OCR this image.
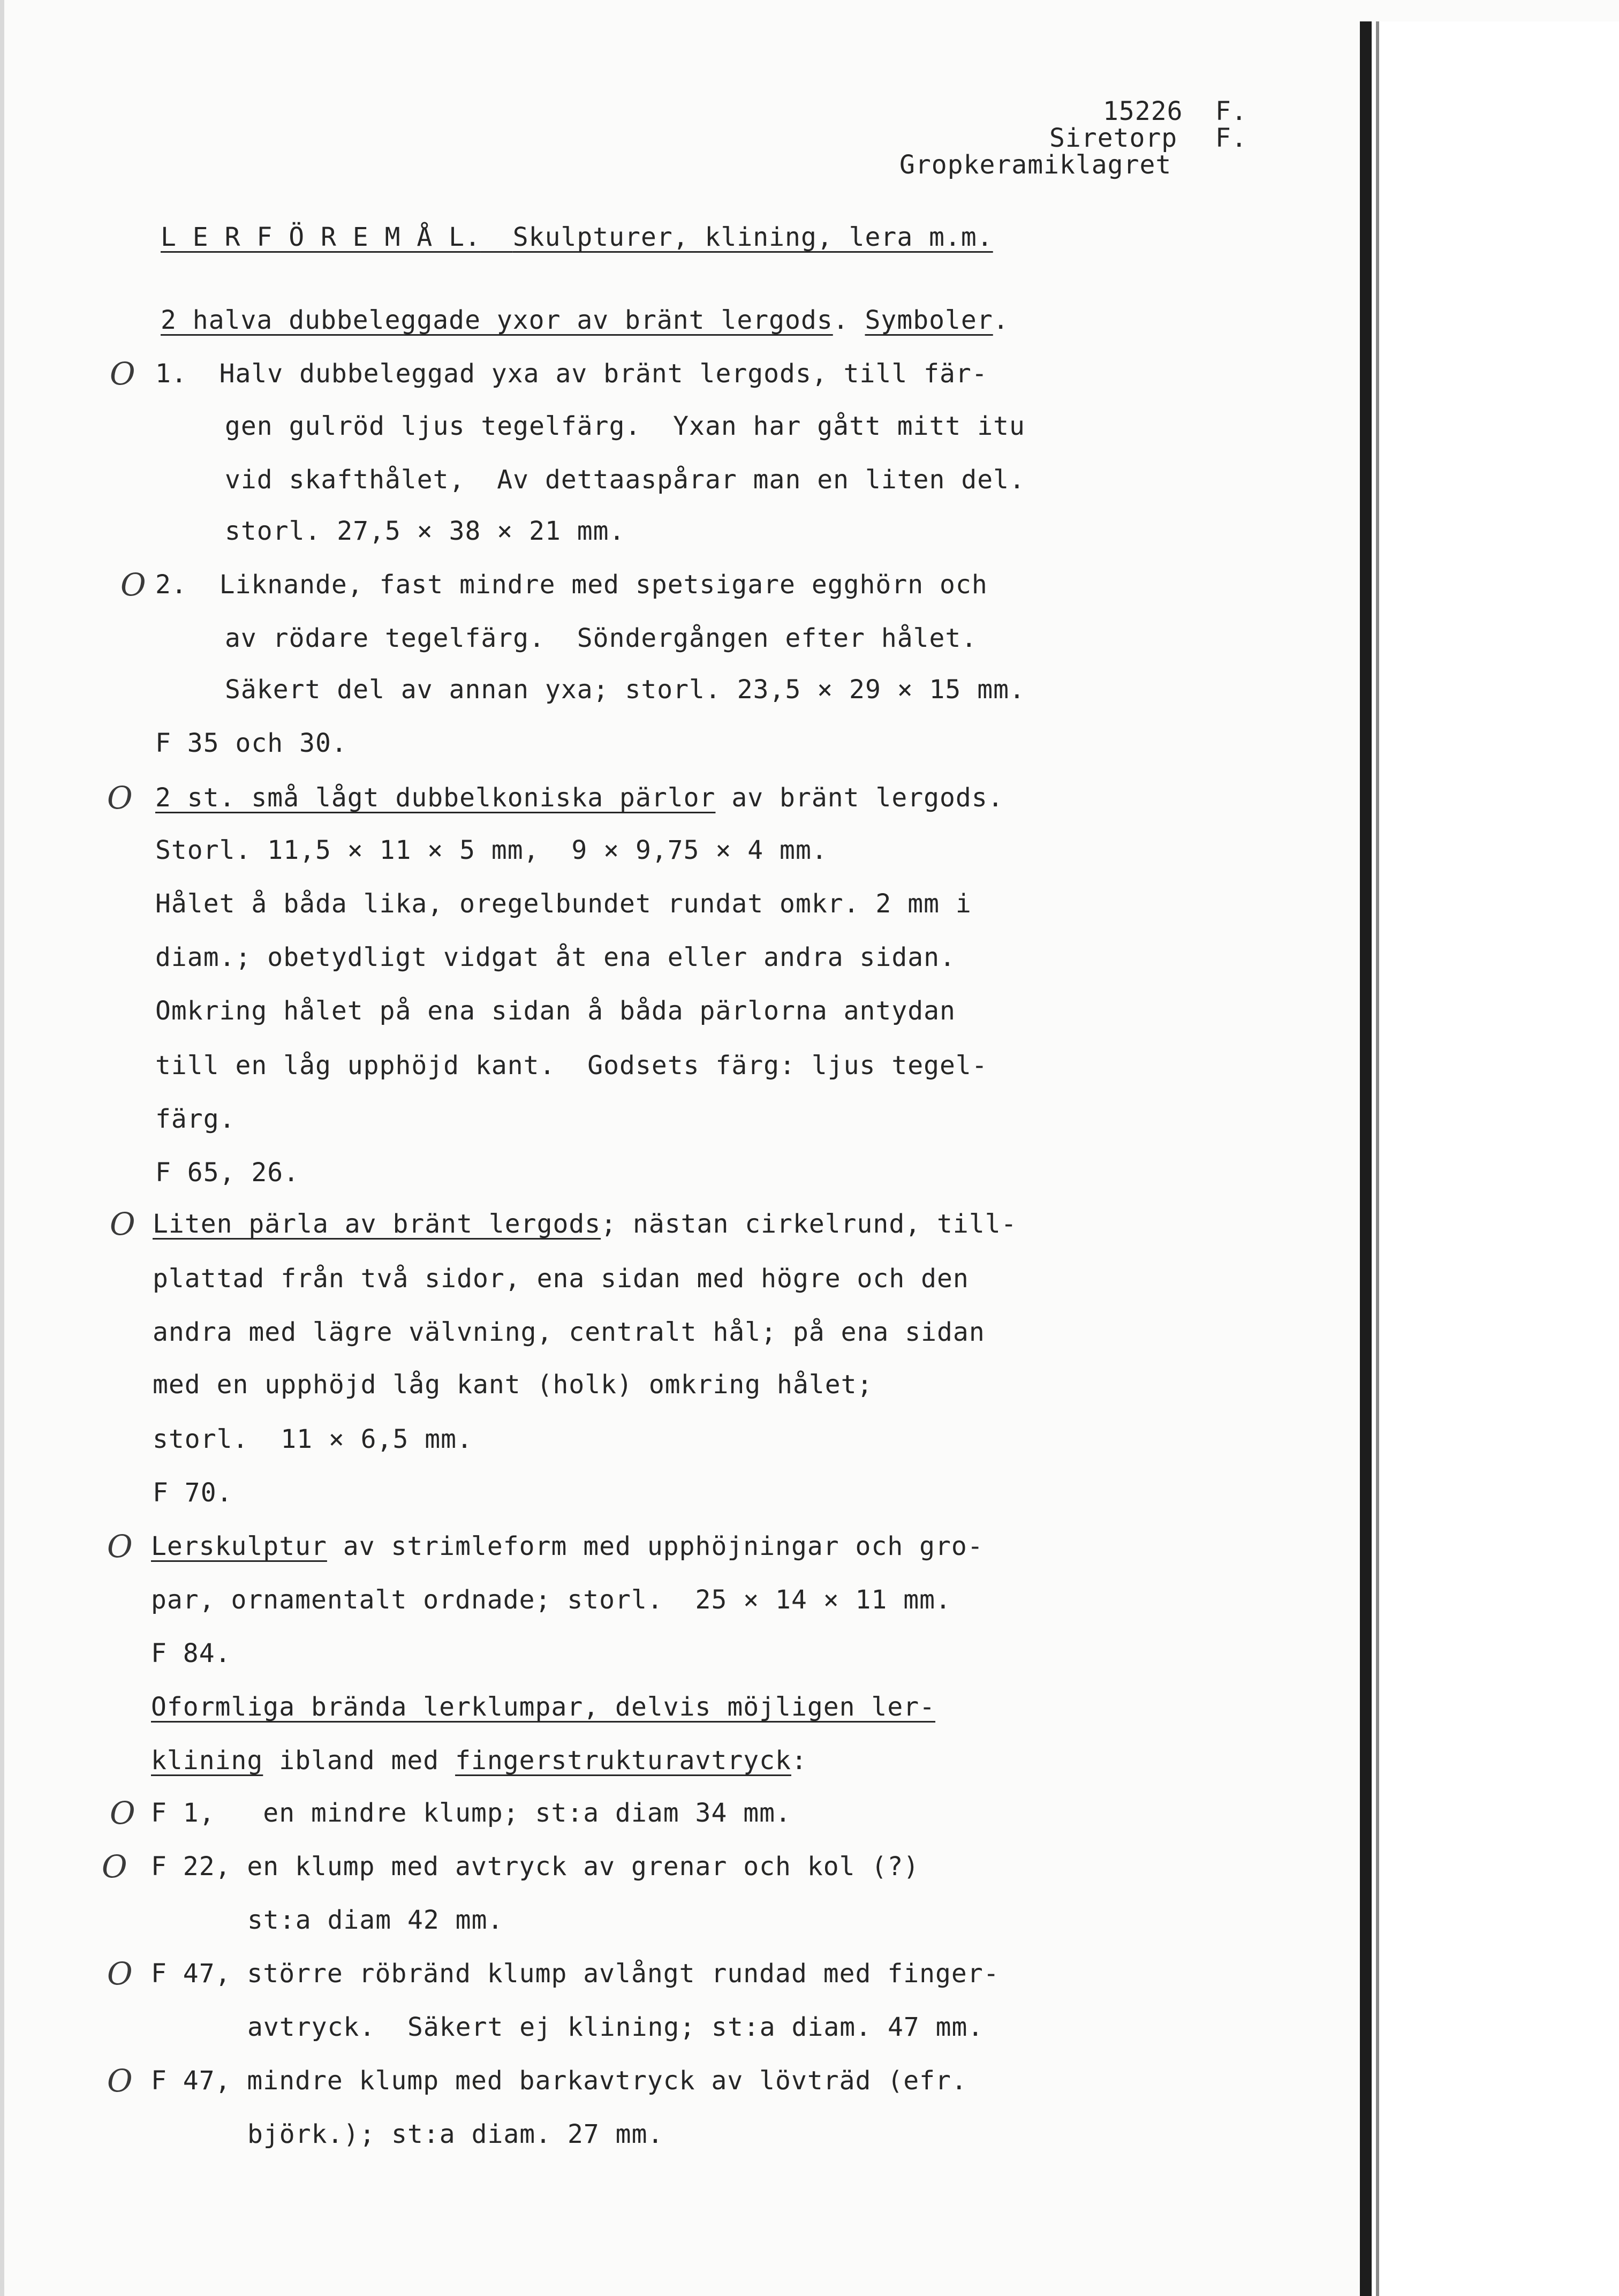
15226 F.
Siretorp F.
Gropkeramiklagret
L E R F Ö R E M Å L. Skulpturer, klining, lera m.m.
2 halva dubbeleggade yxor av bränt lergods. Symboler.
O 1.  Halv dubbeleggad yxa av bränt lergods, till fär-
gen gulröd ljus tegelfärg.  Yxan har gått mitt itu
vid skafthålet,  Av dettaaspårar man en liten del.
storl. 27,5 × 38 × 21 mm.
O 2.  Liknande, fast mindre med spetsigare egghörn och
av rödare tegelfärg.  Söndergången efter hålet.
Säkert del av annan yxa; storl. 23,5 × 29 × 15 mm.
F 35 och 30.
O 2 st. små lågt dubbelkoniska pärlor av bränt lergods.
Storl. 11,5 × 11 × 5 mm,  9 × 9,75 × 4 mm.
Hålet å båda lika, oregelbundet rundat omkr. 2 mm i
diam.; obetydligt vidgat åt ena eller andra sidan.
Omkring hålet på ena sidan å båda pärlorna antydan
till en låg upphöjd kant.  Godsets färg: ljus tegel-
färg.
F 65, 26.
O Liten pärla av bränt lergods; nästan cirkelrund, till-
plattad från två sidor, ena sidan med högre och den
andra med lägre välvning, centralt hål; på ena sidan
med en upphöjd låg kant (holk) omkring hålet;
storl.  11 × 6,5 mm.
F 70.
O Lerskulptur av strimleform med upphöjningar och gro-
par, ornamentalt ordnade; storl.  25 × 14 × 11 mm.
F 84.
Oformliga brända lerklumpar, delvis möjligen ler-
klining ibland med fingerstrukturavtryck:
O F 1,   en mindre klump; st:a diam 34 mm.
O F 22, en klump med avtryck av grenar och kol (?)
st:a diam 42 mm.
O F 47, större röbränd klump avlångt rundad med finger-
avtryck.  Säkert ej klining; st:a diam. 47 mm.
O F 47, mindre klump med barkavtryck av lövträd (efr.
björk.); st:a diam. 27 mm.
